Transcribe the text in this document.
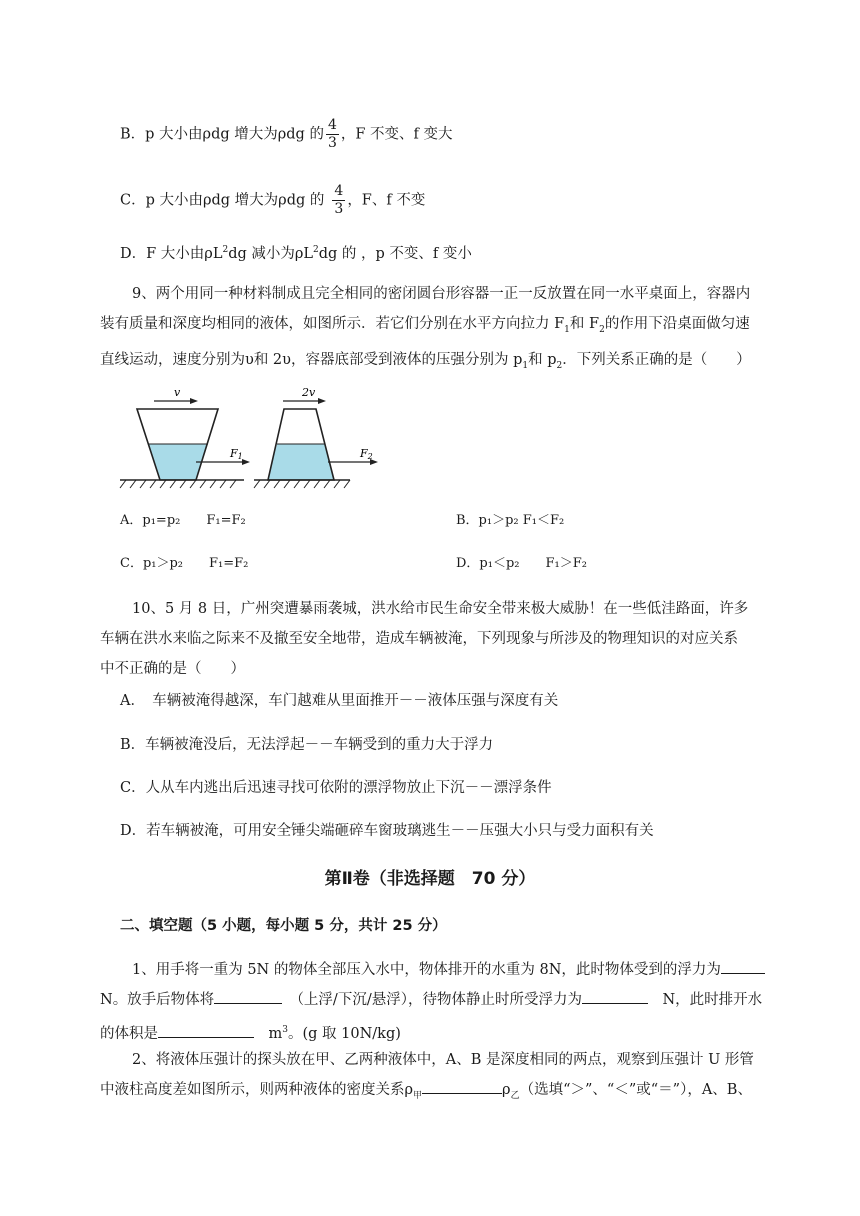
B．p 大小由ρdg 增大为ρdg 的 $\frac{4}{3}$ ，F 不变、f 变大
C．p 大小由ρdg 增大为ρdg 的 $\frac{4}{3}$ ，F、f 不变
D．F 大小由$\rho L^2dg$ 减小为$\rho L^2dg$ 的 ，p 不变、f 变小
9、两个用同一种材料制成且完全相同的密闭圆台形容器一正一反放置在同一水平桌面上，容器内
装有质量和深度均相同的液体，如图所示．若它们分别在水平方向拉力 $F_1$和 $F_2$的作用下沿桌面做匀速
直线运动，速度分别为υ和 2υ，容器底部受到液体的压强分别为 $p_1$和 $p_2$．下列关系正确的是（　　）
v
F1
2v
F2
A．p₁=p₂　　F₁=F₂	B．p₁＞p₂ F₁＜F₂
C．p₁＞p₂　　F₁=F₂	D．p₁＜p₂　　F₁＞F₂
10、5 月 8 日，广州突遭暴雨袭城，洪水给市民生命安全带来极大威胁！在一些低洼路面，许多
车辆在洪水来临之际来不及撤至安全地带，造成车辆被淹，下列现象与所涉及的物理知识的对应关系
中不正确的是（　　）
A．　车辆被淹得越深，车门越难从里面推开－－液体压强与深度有关
B．车辆被淹没后，无法浮起－－车辆受到的重力大于浮力
C．人从车内逃出后迅速寻找可依附的漂浮物放止下沉－－漂浮条件
D．若车辆被淹，可用安全锤尖端砸碎车窗玻璃逃生－－压强大小只与受力面积有关
第Ⅱ卷（非选择题　70 分）
二、填空题（5 小题，每小题 5 分，共计 25 分）
1、用手将一重为 5N 的物体全部压入水中，物体排开的水重为 8N，此时物体受到的浮力为
N。放手后物体将　	（上浮/下沉/悬浮），待物体静止时所受浮力为　	N，此时排开水
的体积是　	$m^3$。(g 取 10N/kg)
2、将液体压强计的探头放在甲、乙两种液体中，A、B 是深度相同的两点，观察到压强计 U 形管
中液柱高度差如图所示，则两种液体的密度关系$\rho_甲$	$\rho_乙$（选填“＞”、“＜”或“＝”），A、B、
